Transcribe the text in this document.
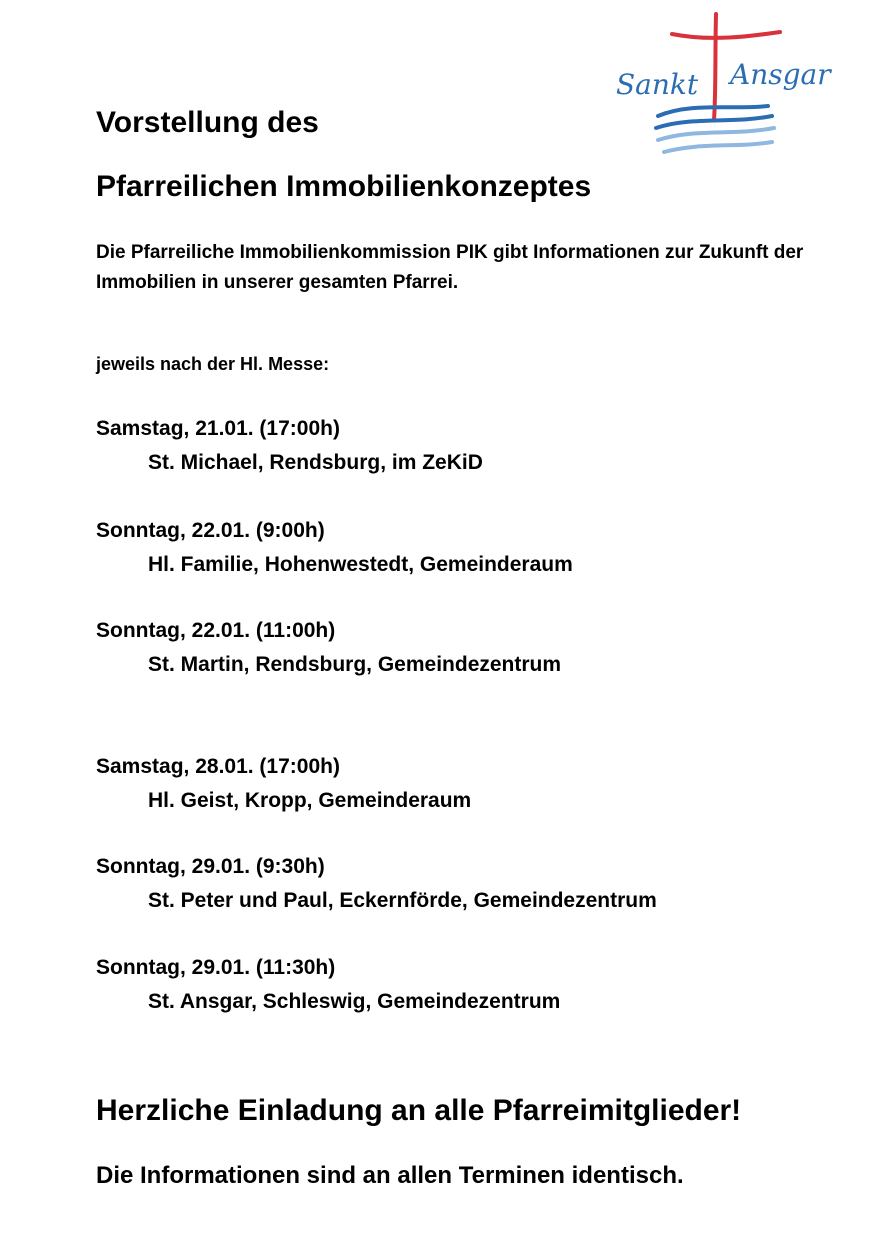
Sankt Ansgar
Vorstellung des
Pfarreilichen Immobilienkonzeptes
Die Pfarreiliche Immobilienkommission PIK gibt Informationen zur Zukunft der Immobilien in unserer gesamten Pfarrei.
jeweils nach der Hl. Messe:
Samstag, 21.01. (17:00h)
St. Michael, Rendsburg, im ZeKiD
Sonntag, 22.01. (9:00h)
Hl. Familie, Hohenwestedt, Gemeinderaum
Sonntag, 22.01. (11:00h)
St. Martin, Rendsburg, Gemeindezentrum
Samstag, 28.01. (17:00h)
Hl. Geist, Kropp, Gemeinderaum
Sonntag, 29.01. (9:30h)
St. Peter und Paul, Eckernförde, Gemeindezentrum
Sonntag, 29.01. (11:30h)
St. Ansgar, Schleswig, Gemeindezentrum
Herzliche Einladung an alle Pfarreimitglieder!
Die Informationen sind an allen Terminen identisch.
